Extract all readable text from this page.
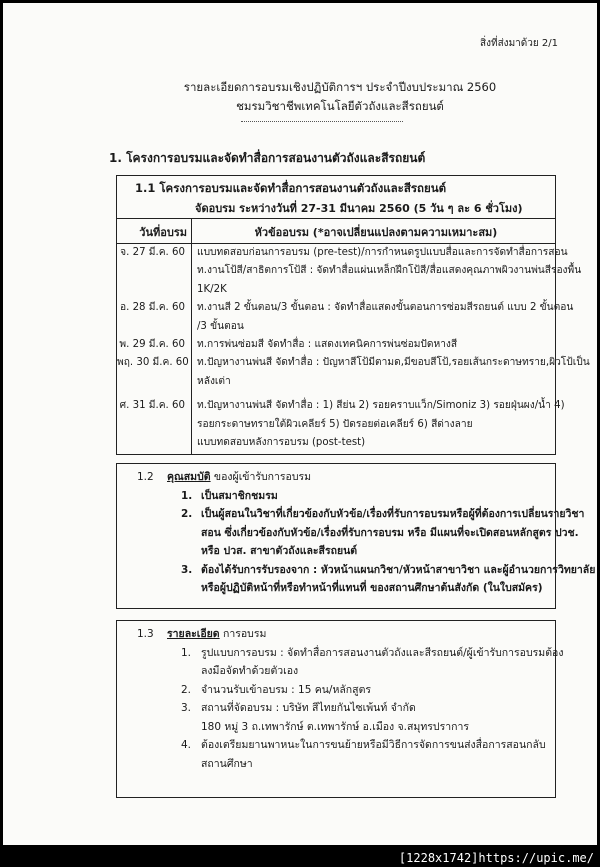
สิ่งที่ส่งมาด้วย 2/1
รายละเอียดการอบรมเชิงปฏิบัติการฯ ประจำปีงบประมาณ 2560
ชมรมวิชาชีพเทคโนโลยีตัวถังและสีรถยนต์
1. โครงการอบรมและจัดทำสื่อการสอนงานตัวถังและสีรถยนต์
1.1 โครงการอบรมและจัดทำสื่อการสอนงานตัวถังและสีรถยนต์
จัดอบรม ระหว่างวันที่ 27-31 มีนาคม 2560 (5 วัน ๆ ละ 6 ชั่วโมง)
วันที่อบรม	หัวข้ออบรม (*อาจเปลี่ยนแปลงตามความเหมาะสม)
จ. 27 มี.ค. 60	แบบทดสอบก่อนการอบรม (pre-test)/การกำหนดรูปแบบสื่อและการจัดทำสื่อการสอน
ท.งานโป้สี/สาธิตการโป้สี : จัดทำสื่อแผ่นเหล็กฝึกโป้สี/สื่อแสดงคุณภาพผิวงานพ่นสีรองพื้น
1K/2K
อ. 28 มี.ค. 60	ท.งานสี 2 ขั้นตอน/3 ขั้นตอน : จัดทำสื่อแสดงขั้นตอนการซ่อมสีรถยนต์ แบบ 2 ขั้นตอน
/3 ขั้นตอน
พ. 29 มี.ค. 60	ท.การพ่นซ่อมสี จัดทำสื่อ : แสดงเทคนิคการพ่นซ่อมปัดหางสี
พฤ. 30 มี.ค. 60 ท.ปัญหางานพ่นสี จัดทำสื่อ : ปัญหาสีโป้มีตามด,มีขอบสีโป้,รอยเส้นกระดาษทราย,ผิวโป้เป็น
หลังเต่า
ศ. 31 มี.ค. 60	ท.ปัญหางานพ่นสี จัดทำสื่อ : 1) สีย่น 2) รอยคราบแว็ก/Simoniz 3) รอยฝุ่นผง/น้ำ 4)
รอยกระดาษทรายใต้ผิวเคลียร์ 5) ปัดรอยต่อเคลียร์ 6) สีด่างลาย
แบบทดสอบหลังการอบรม (post-test)
1.2 คุณสมบัติ ของผู้เข้ารับการอบรม
1. เป็นสมาชิกชมรม
2. เป็นผู้สอนในวิชาที่เกี่ยวข้องกับหัวข้อ/เรื่องที่รับการอบรมหรือผู้ที่ต้องการเปลี่ยนรายวิชา
สอน ซึ่งเกี่ยวข้องกับหัวข้อ/เรื่องที่รับการอบรม หรือ มีแผนที่จะเปิดสอนหลักสูตร ปวช.
หรือ ปวส. สาขาตัวถังและสีรถยนต์
3. ต้องได้รับการรับรองจาก : หัวหน้าแผนกวิชา/หัวหน้าสาขาวิชา และผู้อำนวยการวิทยาลัย
หรือผู้ปฏิบัติหน้าที่หรือทำหน้าที่แทนที่ ของสถานศึกษาต้นสังกัด (ในใบสมัคร)
1.3 รายละเอียด การอบรม
1. รูปแบบการอบรม : จัดทำสื่อการสอนงานตัวถังและสีรถยนต์/ผู้เข้ารับการอบรมต้อง
ลงมือจัดทำด้วยตัวเอง
2. จำนวนรับเข้าอบรม : 15 คน/หลักสูตร
3. สถานที่จัดอบรม : บริษัท สีไทยกันไซเพ้นท์ จำกัด
180 หมู่ 3 ถ.เทพารักษ์ ต.เทพารักษ์ อ.เมือง จ.สมุทรปราการ
4. ต้องเตรียมยานพาหนะในการขนย้ายหรือมีวิธีการจัดการขนส่งสื่อการสอนกลับ
สถานศึกษา
[1228x1742]https://upic.me/
